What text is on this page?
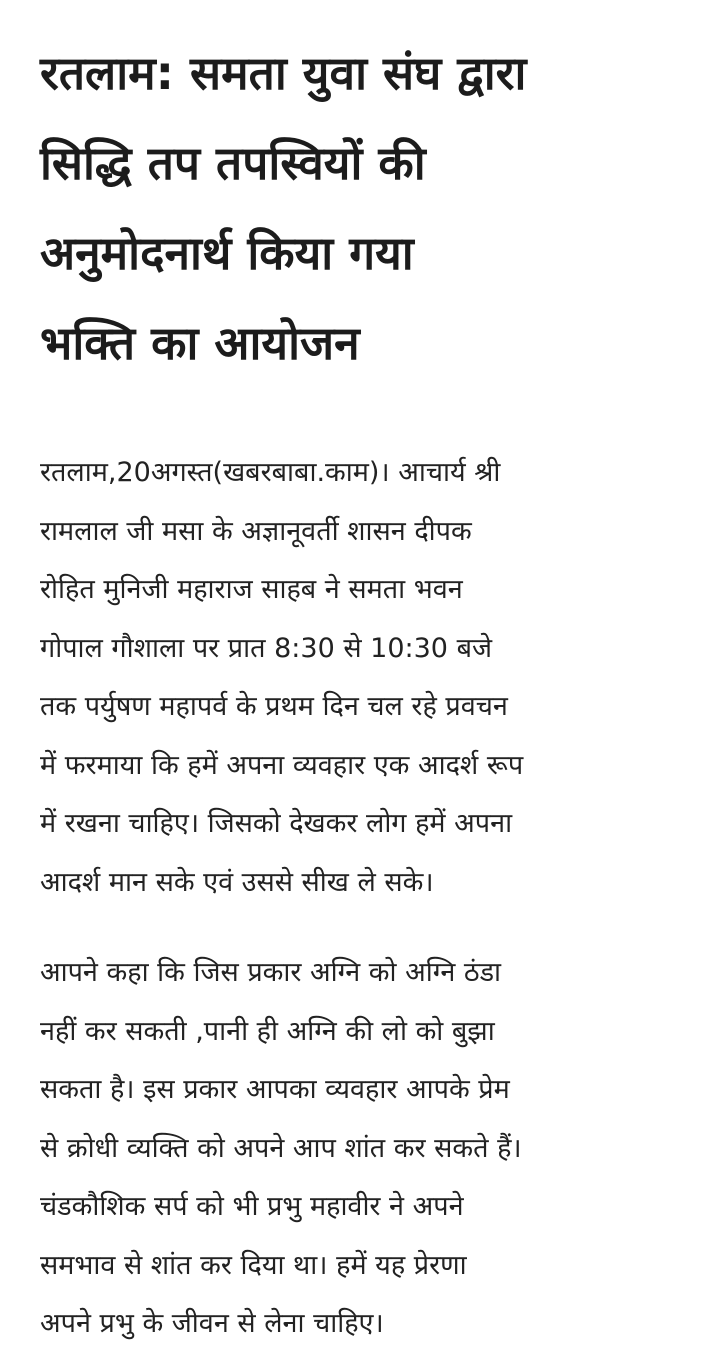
रतलाम: समता युवा संघ द्वारा
सिद्धि तप तपस्वियों की
अनुमोदनार्थ किया गया
भक्ति का आयोजन

रतलाम,20अगस्त(खबरबाबा.काम)। आचार्य श्री
रामलाल जी मसा के अज्ञानूवर्ती शासन दीपक
रोहित मुनिजी महाराज साहब ने समता भवन
गोपाल गौशाला पर प्रात 8:30 से 10:30 बजे
तक पर्युषण महापर्व के प्रथम दिन चल रहे प्रवचन
में फरमाया कि हमें अपना व्यवहार एक आदर्श रूप
में रखना चाहिए। जिसको देखकर लोग हमें अपना
आदर्श मान सके एवं उससे सीख ले सके।

आपने कहा कि जिस प्रकार अग्नि को अग्नि ठंडा
नहीं कर सकती ,पानी ही अग्नि की लो को बुझा
सकता है। इस प्रकार आपका व्यवहार आपके प्रेम
से क्रोधी व्यक्ति को अपने आप शांत कर सकते हैं।
चंडकौशिक सर्प को भी प्रभु महावीर ने अपने
समभाव से शांत कर दिया था। हमें यह प्रेरणा
अपने प्रभु के जीवन से लेना चाहिए।
